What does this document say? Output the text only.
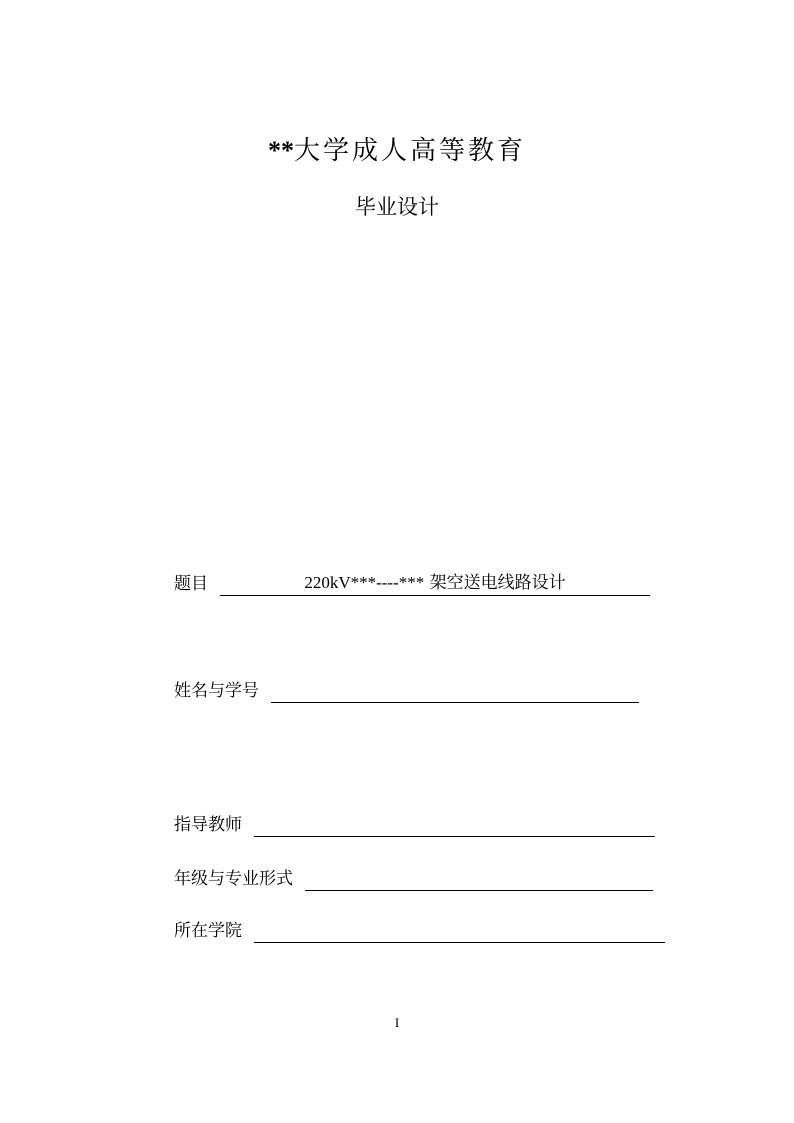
**大学成人高等教育
毕业设计
题目	220kV***----*** 架空送电线路设计
姓名与学号
指导教师
年级与专业形式
所在学院
I
